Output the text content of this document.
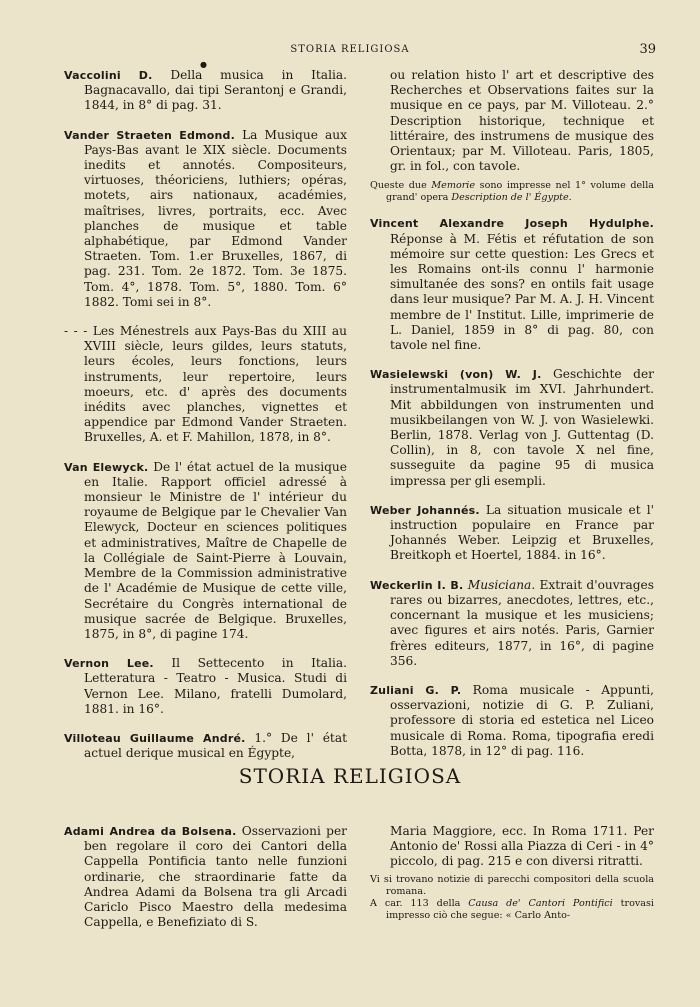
STORIA RELIGIOSA	39
●

Vaccolini D. Della musica in Italia. Bagnacavallo, dai tipi Serantonj e Grandi, 1844, in 8° di pag. 31.

Vander Straeten Edmond. La Musique aux Pays-Bas avant le XIX siècle. Documents inedits et annotés. Compositeurs, virtuoses, théoriciens, luthiers; opéras, motets, airs nationaux, académies, maîtrises, livres, portraits, ecc. Avec planches de musique et table alphabétique, par Edmond Vander Straeten. Tom. 1.er Bruxelles, 1867, di pag. 231. Tom. 2e 1872. Tom. 3e 1875. Tom. 4°, 1878. Tom. 5°, 1880. Tom. 6° 1882. Tomi sei in 8°.

- - - Les Ménestrels aux Pays-Bas du XIII au XVIII siècle, leurs gildes, leurs statuts, leurs écoles, leurs fonctions, leurs instruments, leur repertoire, leurs moeurs, etc. d' après des documents inédits avec planches, vignettes et appendice par Edmond Vander Straeten. Bruxelles, A. et F. Mahillon, 1878, in 8°.

Van Elewyck. De l' état actuel de la musique en Italie. Rapport officiel adressé à monsieur le Ministre de l' intérieur du royaume de Belgique par le Chevalier Van Elewyck, Docteur en sciences politiques et administratives, Maître de Chapelle de la Collégiale de Saint-Pierre à Louvain, Membre de la Commission administrative de l' Académie de Musique de cette ville, Secrétaire du Congrès international de musique sacrée de Belgique. Bruxelles, 1875, in 8°, di pagine 174.

Vernon Lee. Il Settecento in Italia. Letteratura - Teatro - Musica. Studi di Vernon Lee. Milano, fratelli Dumolard, 1881. in 16°.

Villoteau Guillaume André. 1.° De l' état actuel derique musical en Égypte,

ou relation histo l' art et descriptive des Recherches et Observations faites sur la musique en ce pays, par M. Villoteau. 2.° Description historique, technique et littéraire, des instrumens de musique des Orientaux; par M. Villoteau. Paris, 1805, gr. in fol., con tavole.

Queste due Memorie sono impresse nel 1° volume della grand' opera Description de l' Égypte.

Vincent Alexandre Joseph Hydulphe. Réponse à M. Fétis et réfutation de son mémoire sur cette question: Les Grecs et les Romains ont-ils connu l' harmonie simultanée des sons? en ontils fait usage dans leur musique? Par M. A. J. H. Vincent membre de l' Institut. Lille, imprimerie de L. Daniel, 1859 in 8° di pag. 80, con tavole nel fine.

Wasielewski (von) W. J. Geschichte der instrumentalmusik im XVI. Jahrhundert. Mit abbildungen von instrumenten und musikbeilangen von W. J. von Wasielewki. Berlin, 1878. Verlag von J. Guttentag (D. Collin), in 8, con tavole X nel fine, susseguite da pagine 95 di musica impressa per gli esempli.

Weber Johannés. La situation musicale et l' instruction populaire en France par Johannés Weber. Leipzig et Bruxelles, Breitkoph et Hoertel, 1884. in 16°.

Weckerlin I. B. Musiciana. Extrait d'ouvrages rares ou bizarres, anecdotes, lettres, etc., concernant la musique et les musiciens; avec figures et airs notés. Paris, Garnier frères editeurs, 1877, in 16°, di pagine 356.

Zuliani G. P. Roma musicale - Appunti, osservazioni, notizie di G. P. Zuliani, professore di storia ed estetica nel Liceo musicale di Roma. Roma, tipografia eredi Botta, 1878, in 12° di pag. 116.

STORIA RELIGIOSA

Adami Andrea da Bolsena. Osservazioni per ben regolare il coro dei Cantori della Cappella Pontificia tanto nelle funzioni ordinarie, che straordinarie fatte da Andrea Adami da Bolsena tra gli Arcadi Cariclo Pisco Maestro della medesima Cappella, e Benefiziato di S.

Maria Maggiore, ecc. In Roma 1711. Per Antonio de' Rossi alla Piazza di Ceri - in 4° piccolo, di pag. 215 e con diversi ritratti.

Vi si trovano notizie di parecchi compositori della scuola romana.

A car. 113 della Causa de' Cantori Pontifici trovasi impresso ciò che segue: « Carlo Anto-
